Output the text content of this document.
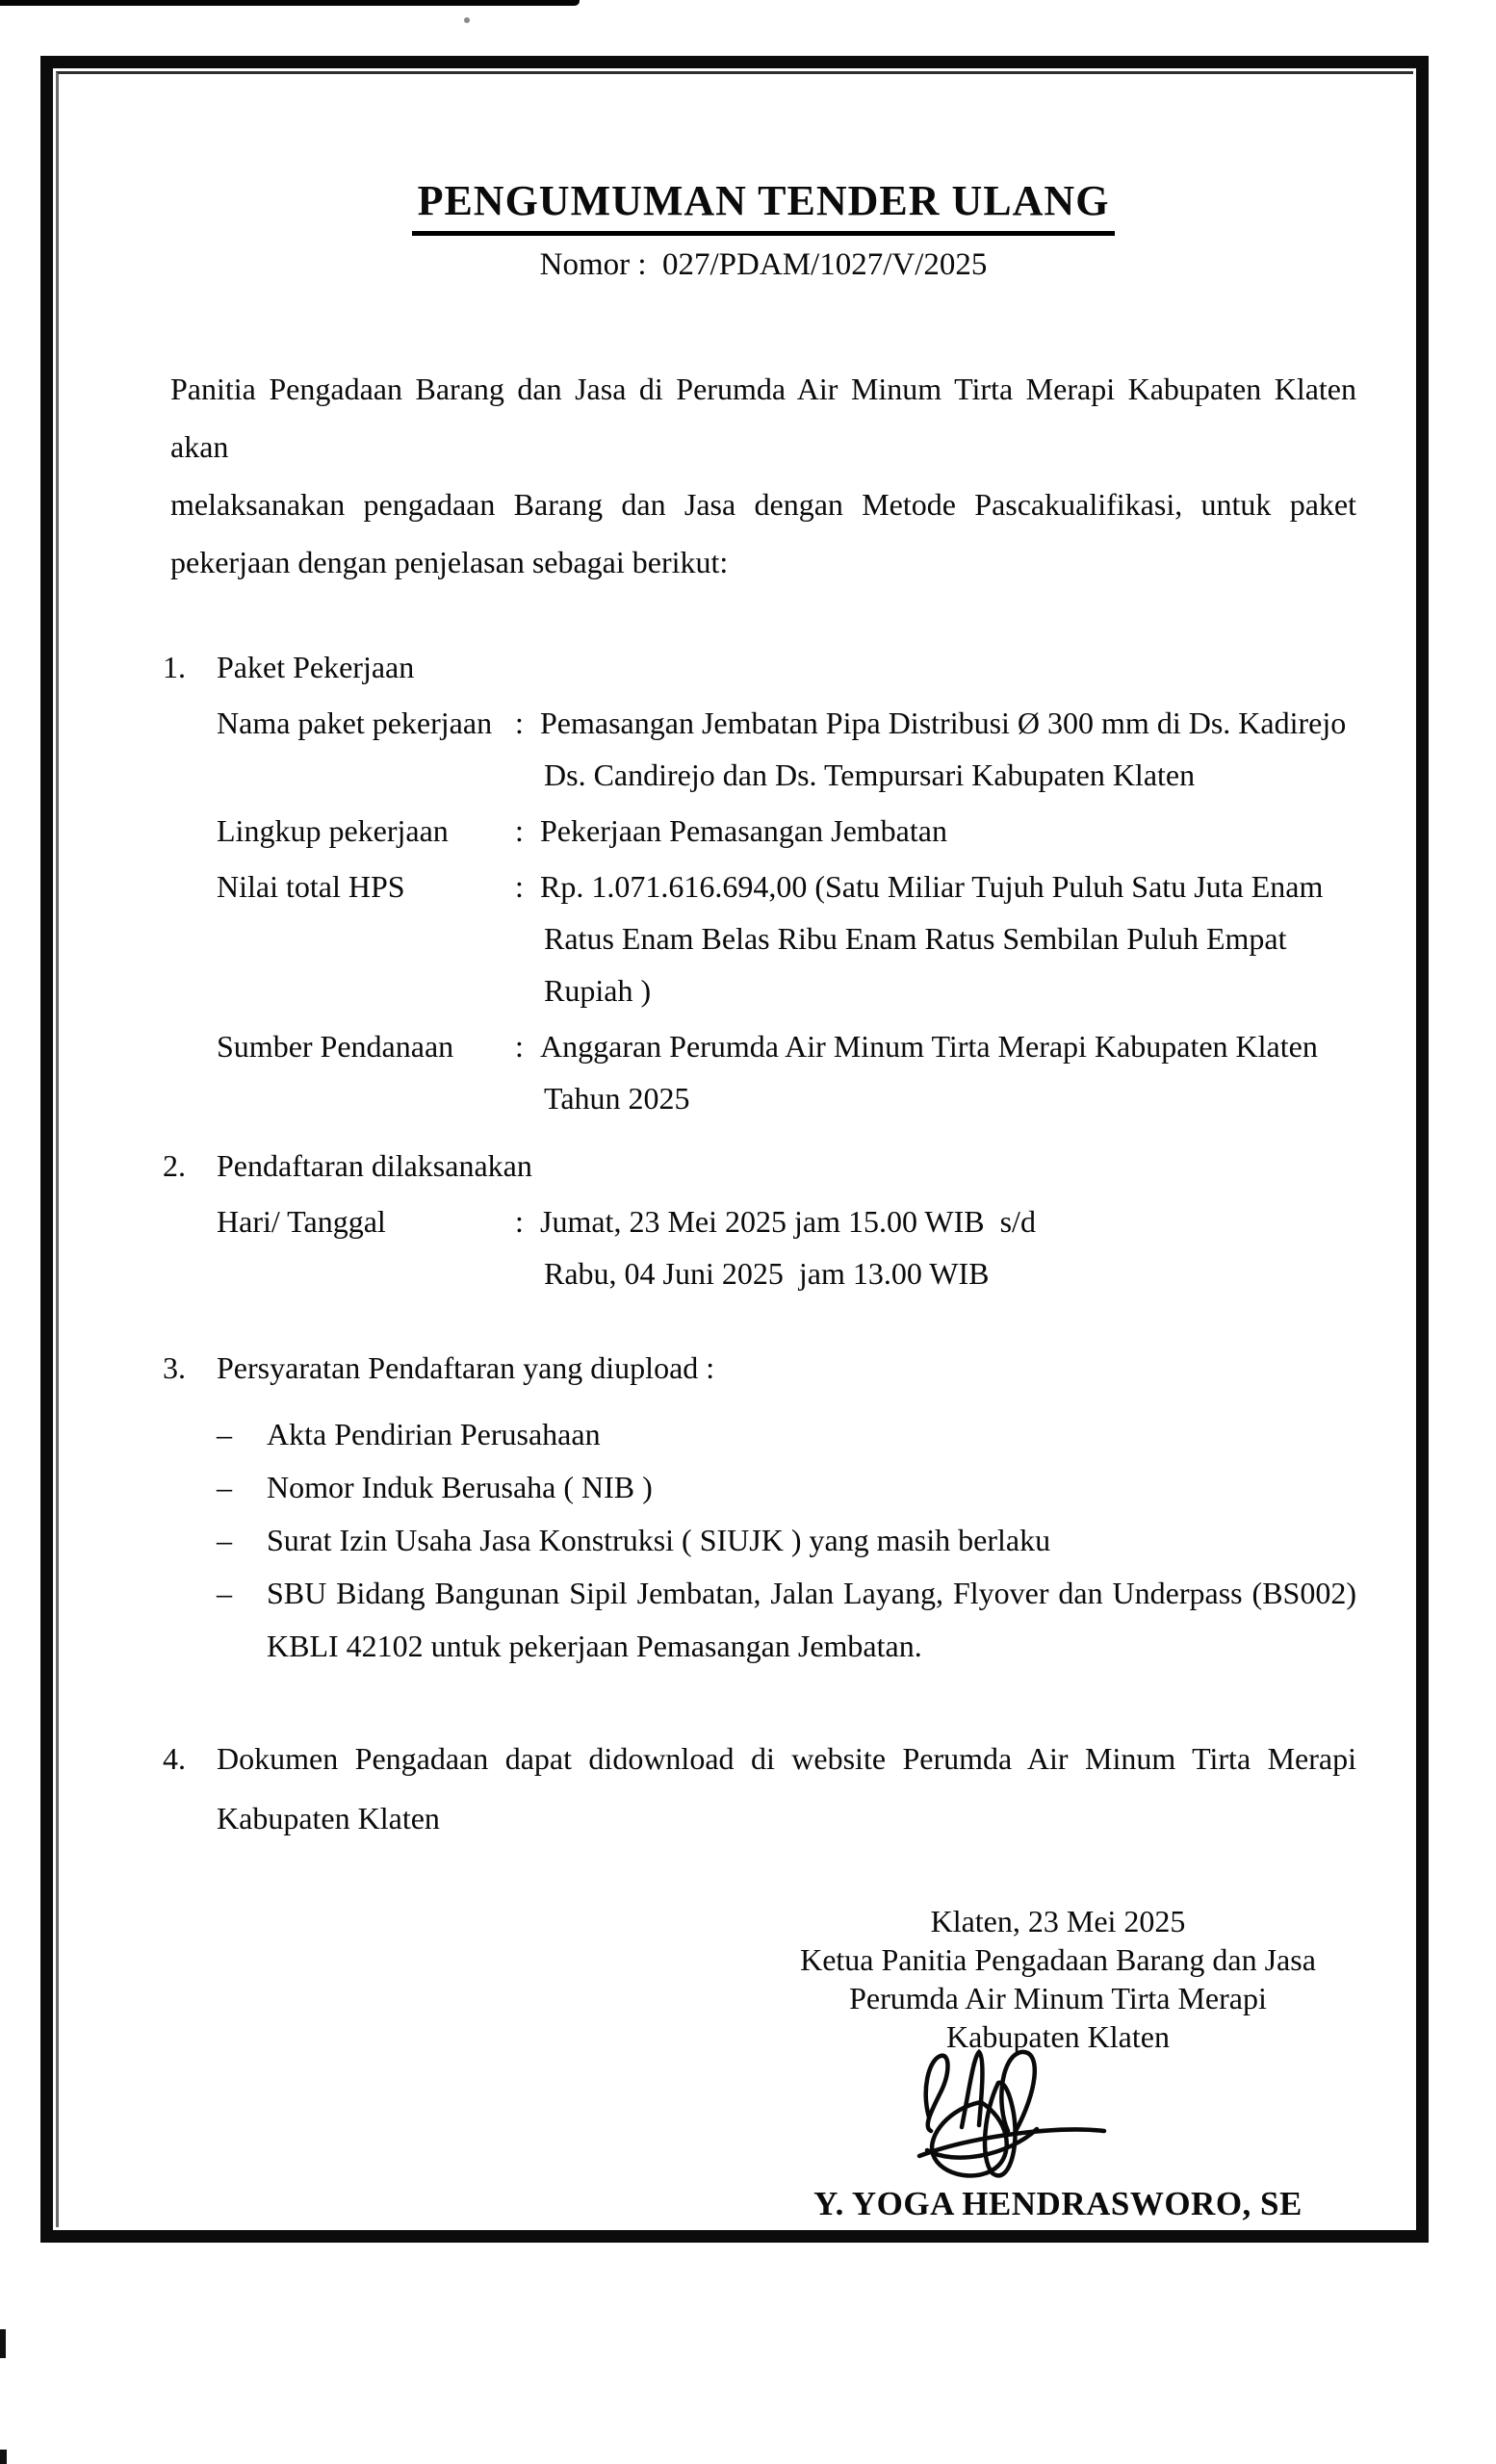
PENGUMUMAN TENDER ULANG
Nomor :  027/PDAM/1027/V/2025
Panitia Pengadaan Barang dan Jasa di Perumda Air Minum Tirta Merapi Kabupaten Klaten akan
melaksanakan pengadaan Barang dan Jasa dengan Metode Pascakualifikasi, untuk paket
pekerjaan dengan penjelasan sebagai berikut:
1.	Paket Pekerjaan
Nama paket pekerjaan : Pemasangan Jembatan Pipa Distribusi Ø 300 mm di Ds. Kadirejo
Ds. Candirejo dan Ds. Tempursari Kabupaten Klaten
Lingkup pekerjaan	: Pekerjaan Pemasangan Jembatan
Nilai total HPS	: Rp. 1.071.616.694,00 (Satu Miliar Tujuh Puluh Satu Juta Enam
Ratus Enam Belas Ribu Enam Ratus Sembilan Puluh Empat
Rupiah )
Sumber Pendanaan	: Anggaran Perumda Air Minum Tirta Merapi Kabupaten Klaten
Tahun 2025
2.	Pendaftaran dilaksanakan
Hari/ Tanggal	: Jumat, 23 Mei 2025 jam 15.00 WIB  s/d
Rabu, 04 Juni 2025  jam 13.00 WIB
3.	Persyaratan Pendaftaran yang diupload :
–	Akta Pendirian Perusahaan
–	Nomor Induk Berusaha ( NIB )
–	Surat Izin Usaha Jasa Konstruksi ( SIUJK ) yang masih berlaku
–	SBU Bidang Bangunan Sipil Jembatan, Jalan Layang, Flyover dan Underpass (BS002)
KBLI 42102 untuk pekerjaan Pemasangan Jembatan.
4.	Dokumen Pengadaan dapat didownload di website Perumda Air Minum Tirta Merapi
Kabupaten Klaten
Klaten, 23 Mei 2025
Ketua Panitia Pengadaan Barang dan Jasa
Perumda Air Minum Tirta Merapi
Kabupaten Klaten
Y. YOGA HENDRASWORO, SE
